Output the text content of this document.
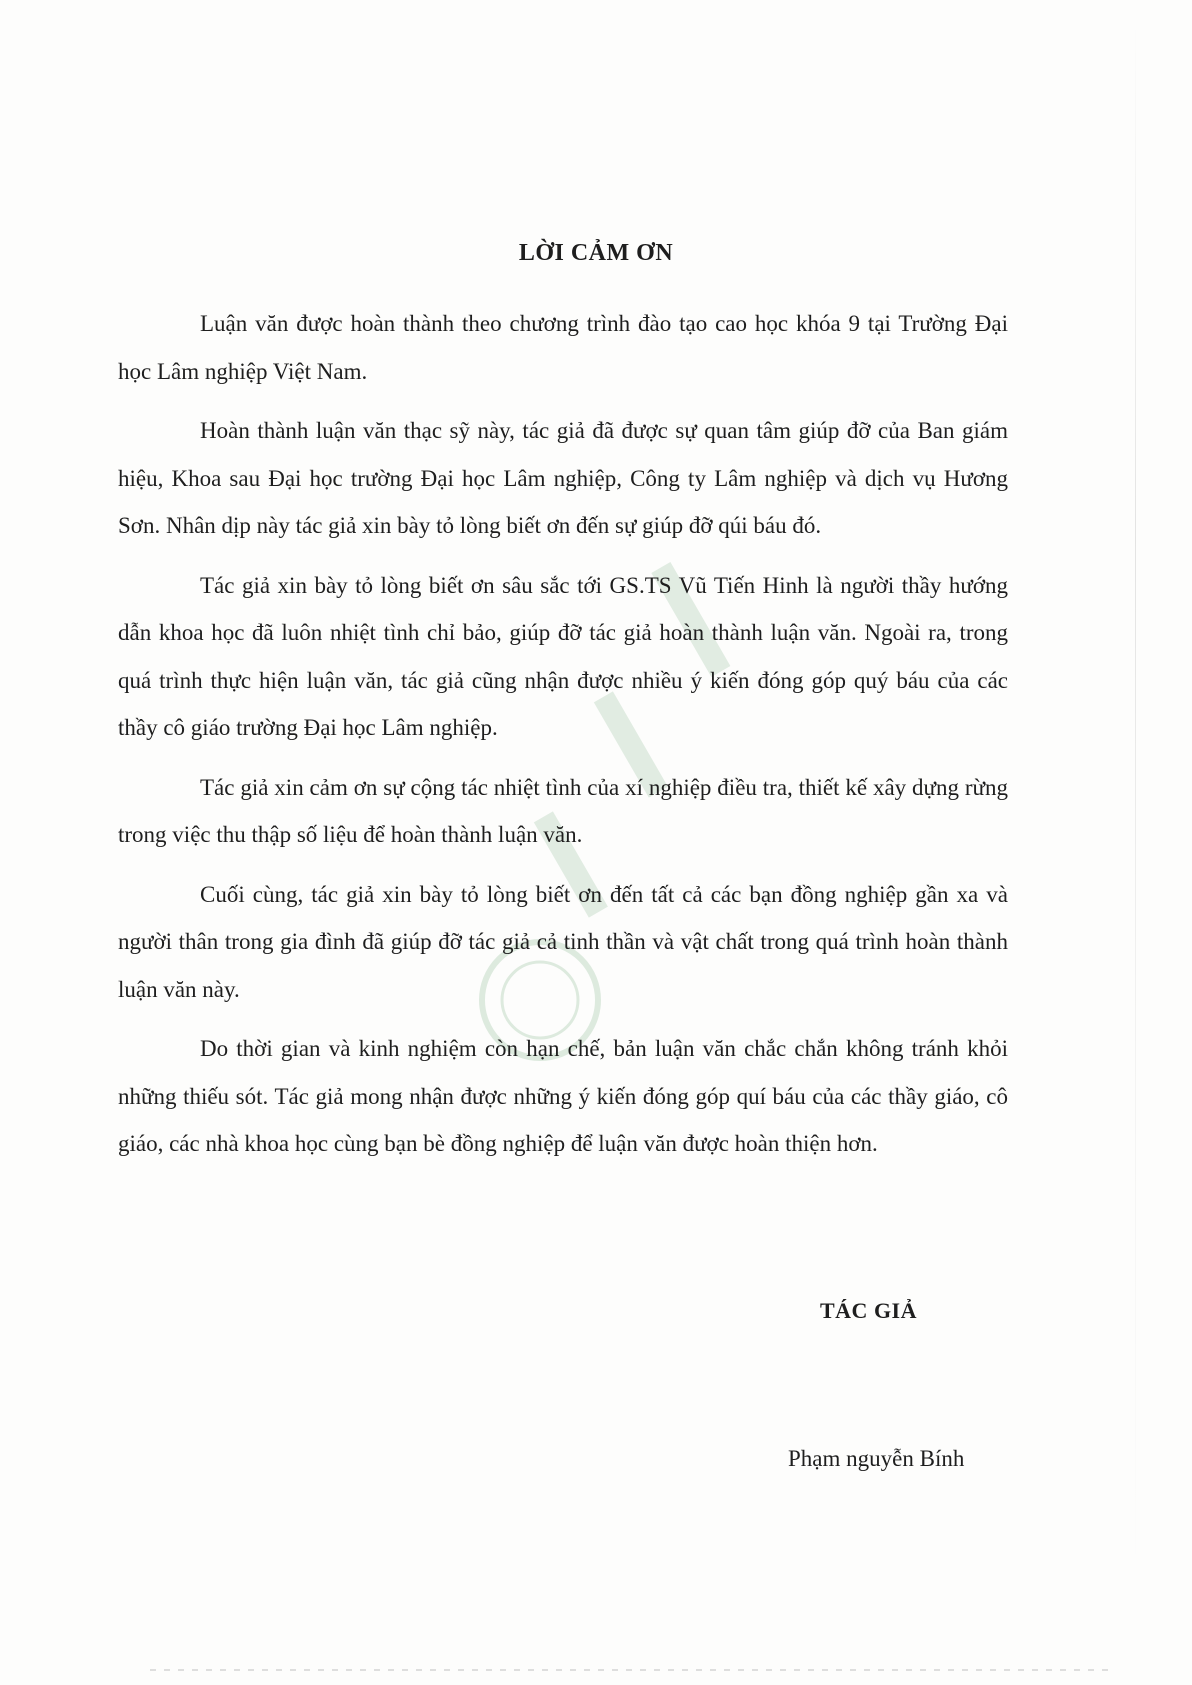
LỜI CẢM ƠN

Luận văn được hoàn thành theo chương trình đào tạo cao học khóa 9 tại Trường Đại học Lâm nghiệp Việt Nam.

Hoàn thành luận văn thạc sỹ này, tác giả đã được sự quan tâm giúp đỡ của Ban giám hiệu, Khoa sau Đại học trường Đại học Lâm nghiệp, Công ty Lâm nghiệp và dịch vụ Hương Sơn. Nhân dịp này tác giả xin bày tỏ lòng biết ơn đến sự giúp đỡ qúi báu đó.

Tác giả xin bày tỏ lòng biết ơn sâu sắc tới GS.TS Vũ Tiến Hinh là người thầy hướng dẫn khoa học đã luôn nhiệt tình chỉ bảo, giúp đỡ tác giả hoàn thành luận văn. Ngoài ra, trong quá trình thực hiện luận văn, tác giả cũng nhận được nhiều ý kiến đóng góp quý báu của các thầy cô giáo trường Đại học Lâm nghiệp.

Tác giả xin cảm ơn sự cộng tác nhiệt tình của xí nghiệp điều tra, thiết kế xây dựng rừng trong việc thu thập số liệu để hoàn thành luận văn.

Cuối cùng, tác giả xin bày tỏ lòng biết ơn đến tất cả các bạn đồng nghiệp gần xa và người thân trong gia đình đã giúp đỡ tác giả cả tinh thần và vật chất trong quá trình hoàn thành luận văn này.

Do thời gian và kinh nghiệm còn hạn chế, bản luận văn chắc chắn không tránh khỏi những thiếu sót. Tác giả mong nhận được những ý kiến đóng góp quí báu của các thầy giáo, cô giáo, các nhà khoa học cùng bạn bè đồng nghiệp để luận văn được hoàn thiện hơn.

TÁC GIẢ
Phạm nguyễn Bính
